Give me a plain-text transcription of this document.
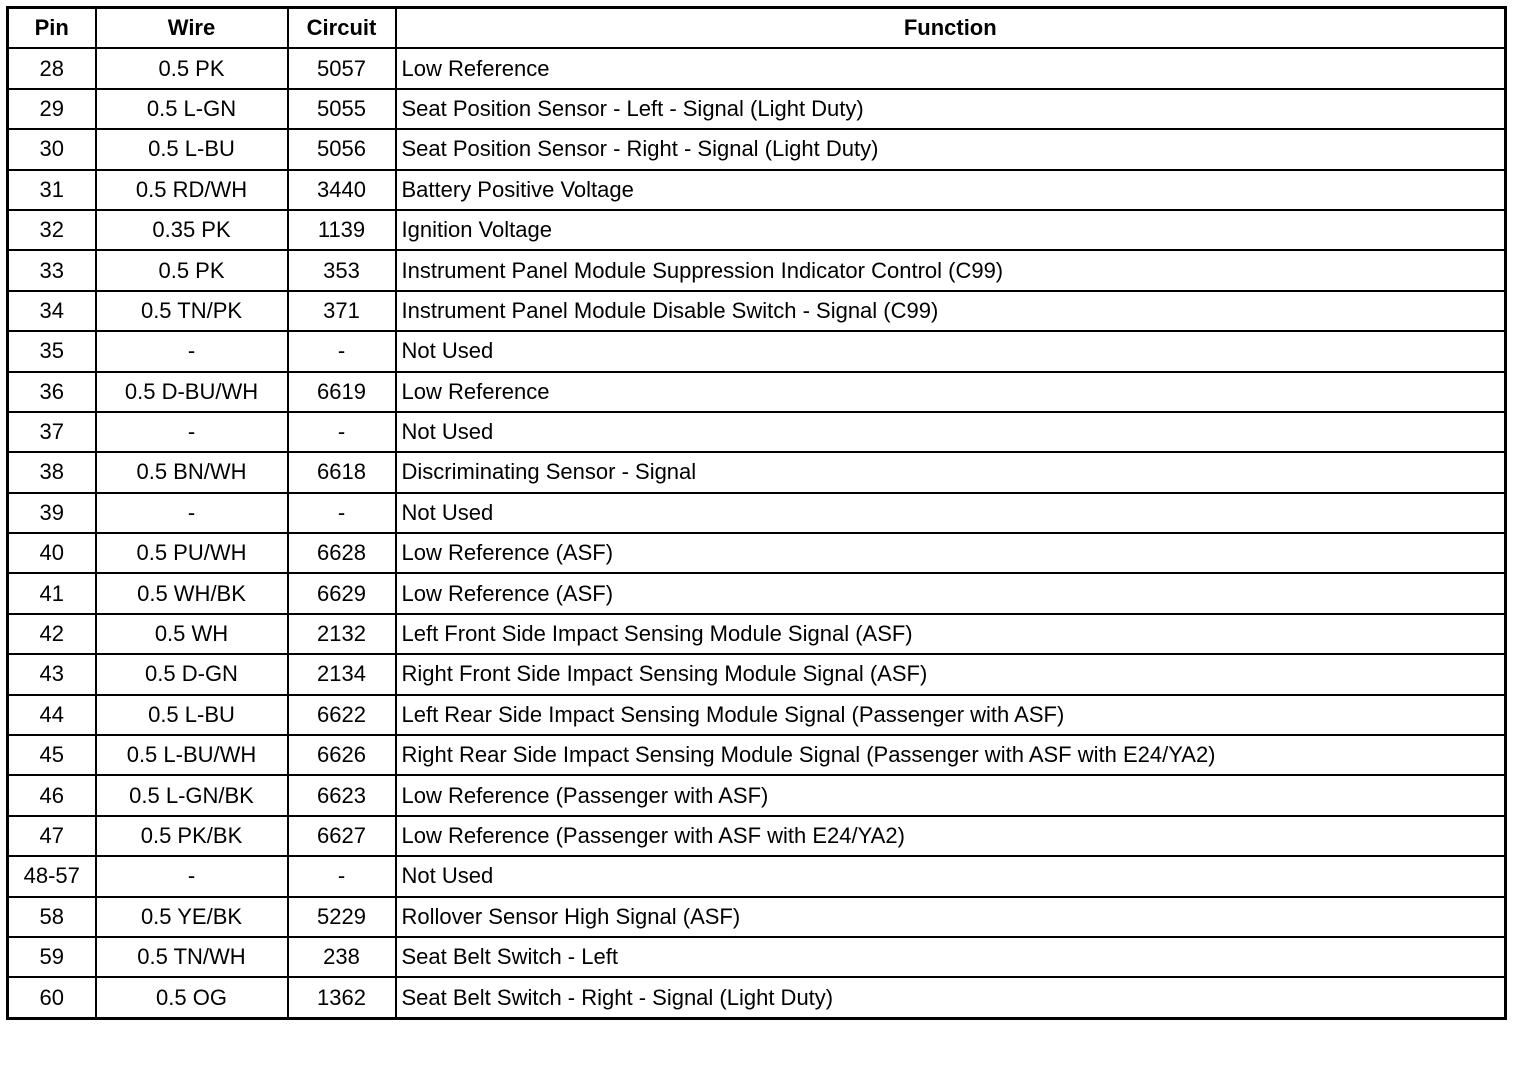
Pin	Wire	Circuit	Function
28	0.5 PK	5057	Low Reference
29	0.5 L-GN	5055	Seat Position Sensor - Left - Signal (Light Duty)
30	0.5 L-BU	5056	Seat Position Sensor - Right - Signal (Light Duty)
31	0.5 RD/WH	3440	Battery Positive Voltage
32	0.35 PK	1139	Ignition Voltage
33	0.5 PK	353	Instrument Panel Module Suppression Indicator Control (C99)
34	0.5 TN/PK	371	Instrument Panel Module Disable Switch - Signal (C99)
35	-	-	Not Used
36	0.5 D-BU/WH	6619	Low Reference
37	-	-	Not Used
38	0.5 BN/WH	6618	Discriminating Sensor - Signal
39	-	-	Not Used
40	0.5 PU/WH	6628	Low Reference (ASF)
41	0.5 WH/BK	6629	Low Reference (ASF)
42	0.5 WH	2132	Left Front Side Impact Sensing Module Signal (ASF)
43	0.5 D-GN	2134	Right Front Side Impact Sensing Module Signal (ASF)
44	0.5 L-BU	6622	Left Rear Side Impact Sensing Module Signal (Passenger with ASF)
45	0.5 L-BU/WH	6626	Right Rear Side Impact Sensing Module Signal (Passenger with ASF with E24/YA2)
46	0.5 L-GN/BK	6623	Low Reference (Passenger with ASF)
47	0.5 PK/BK	6627	Low Reference (Passenger with ASF with E24/YA2)
48-57	-	-	Not Used
58	0.5 YE/BK	5229	Rollover Sensor High Signal (ASF)
59	0.5 TN/WH	238	Seat Belt Switch - Left
60	0.5 OG	1362	Seat Belt Switch - Right - Signal (Light Duty)
